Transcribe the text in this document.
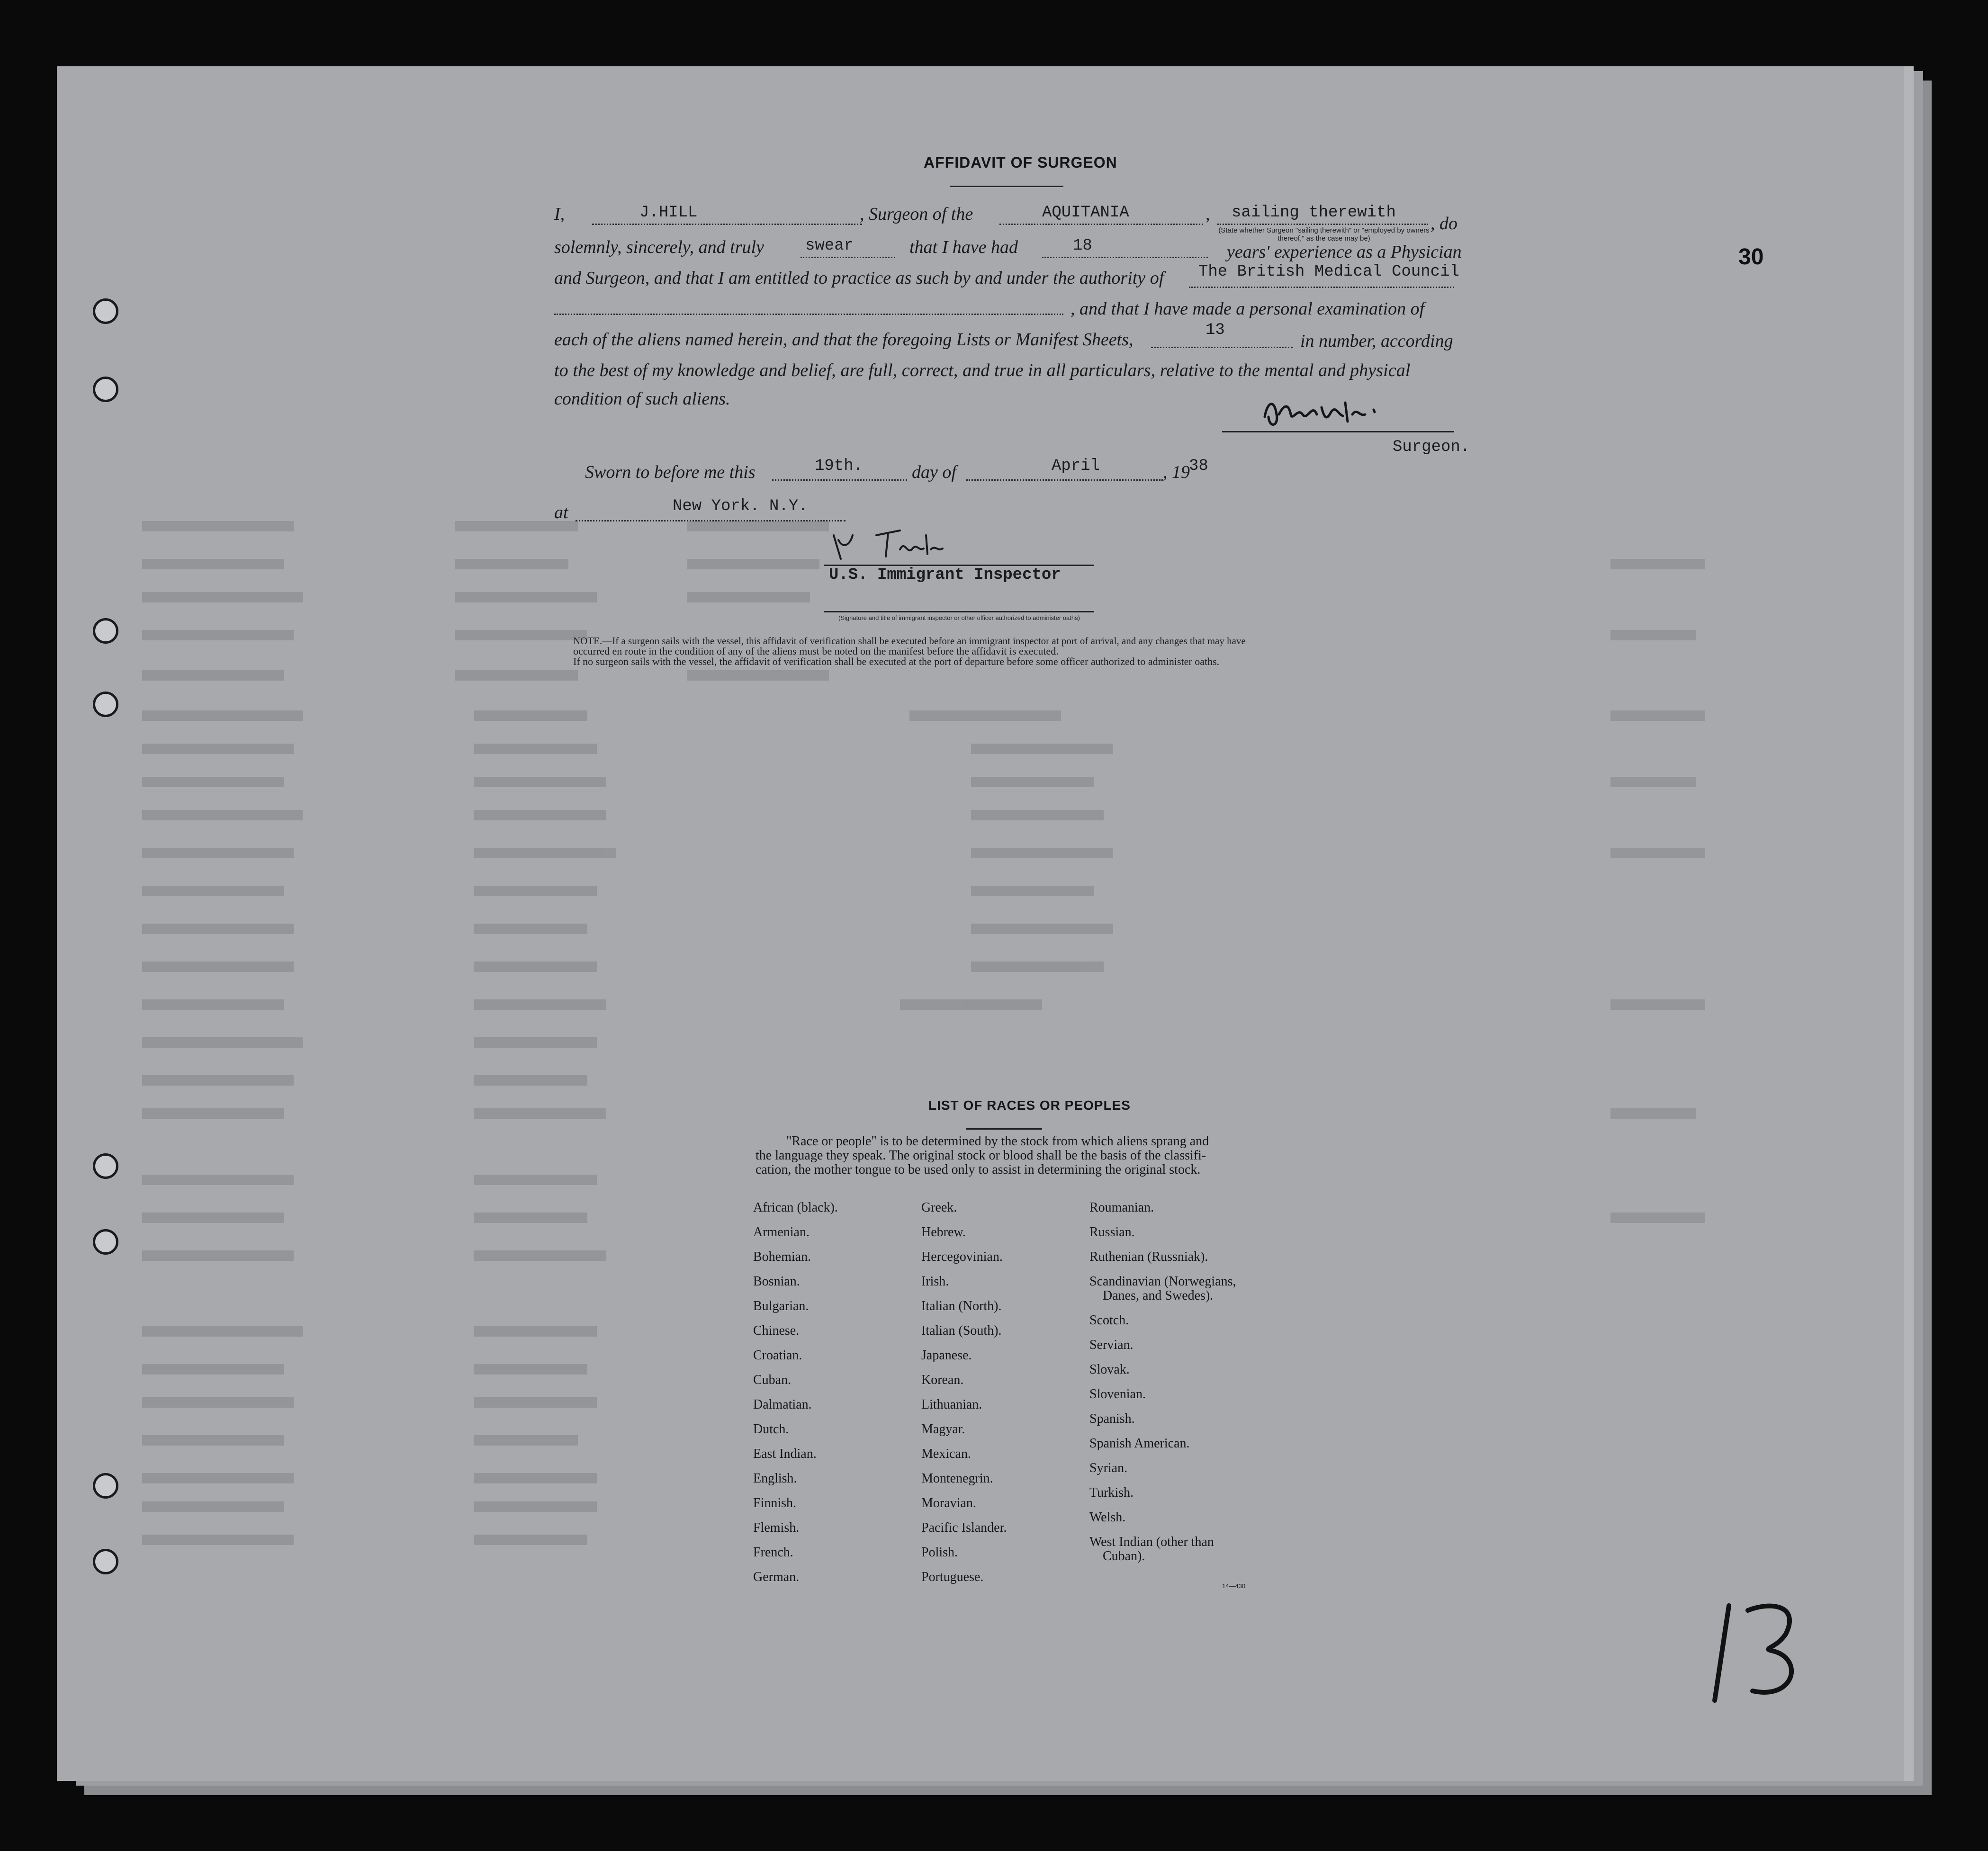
30
AFFIDAVIT OF SURGEON
I,	J.HILL	, Surgeon of the	AQUITANIA	, sailing therewith
, do
(State whether Surgeon "sailing therewith" or "employed by owners thereof," as the case may be)
solemnly, sincerely, and truly	swear	that I have had	18	years' experience as a Physician
and Surgeon, and that I am entitled to practice as such by and under the authority of The British Medical Council
, and that I have made a personal examination of
each of the aliens named herein, and that the foregoing Lists or Manifest Sheets,	13
in number, according
to the best of my knowledge and belief, are full, correct, and true in all particulars, relative to the mental and physical
condition of such aliens.
Surgeon.
Sworn to before me this	19th.	day of	April	, 19
38
at	New York. N.Y.
U.S. Immigrant Inspector
(Signature and title of immigrant inspector or other officer authorized to administer oaths)
NOTE.—If a surgeon sails with the vessel, this affidavit of verification shall be executed before an immigrant inspector at port of arrival, and any changes that may have
occurred en route in the condition of any of the aliens must be noted on the manifest before the affidavit is executed.
If no surgeon sails with the vessel, the affidavit of verification shall be executed at the port of departure before some officer authorized to administer oaths.
LIST OF RACES OR PEOPLES
"Race or people" is to be determined by the stock from which aliens sprang and
the language they speak. The original stock or blood shall be the basis of the classifi-
cation, the mother tongue to be used only to assist in determining the original stock.
African (black).
Armenian.
Bohemian.
Bosnian.
Bulgarian.
Chinese.
Croatian.
Cuban.
Dalmatian.
Dutch.
East Indian.
English.
Finnish.
Flemish.
French.
German.
Greek.
Hebrew.
Hercegovinian.
Irish.
Italian (North).
Italian (South).
Japanese.
Korean.
Lithuanian.
Magyar.
Mexican.
Montenegrin.
Moravian.
Pacific Islander.
Polish.
Portuguese.
Roumanian.
Russian.
Ruthenian (Russniak).
Scandinavian (Norwegians,
Danes, and Swedes).
Scotch.
Servian.
Slovak.
Slovenian.
Spanish.
Spanish American.
Syrian.
Turkish.
Welsh.
West Indian (other than
Cuban).
14—430
